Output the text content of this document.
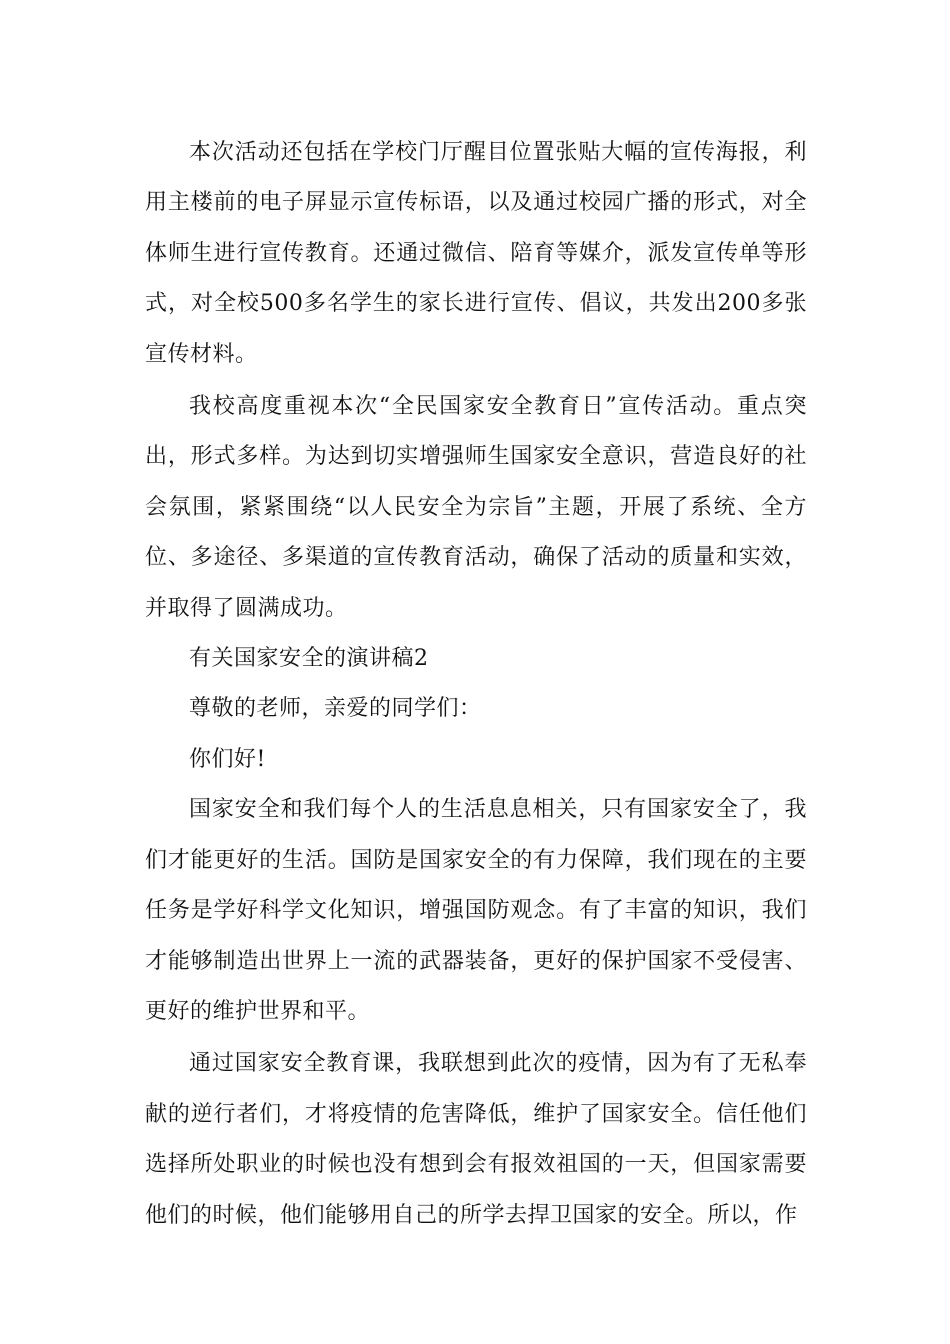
本次活动还包括在学校门厅醒目位置张贴大幅的宣传海报，利用主楼前的电子屏显示宣传标语，以及通过校园广播的形式，对全体师生进行宣传教育。还通过微信、陪育等媒介，派发宣传单等形式，对全校500多名学生的家长进行宣传、倡议，共发出200多张宣传材料。

我校高度重视本次“全民国家安全教育日”宣传活动。重点突出，形式多样。为达到切实增强师生国家安全意识，营造良好的社会氛围，紧紧围绕“以人民安全为宗旨”主题，开展了系统、全方位、多途径、多渠道的宣传教育活动，确保了活动的质量和实效，并取得了圆满成功。

有关国家安全的演讲稿2

尊敬的老师，亲爱的同学们：

你们好!

国家安全和我们每个人的生活息息相关，只有国家安全了，我们才能更好的生活。国防是国家安全的有力保障，我们现在的主要任务是学好科学文化知识，增强国防观念。有了丰富的知识，我们才能够制造出世界上一流的武器装备，更好的保护国家不受侵害、更好的维护世界和平。

通过国家安全教育课，我联想到此次的疫情，因为有了无私奉献的逆行者们，才将疫情的危害降低，维护了国家安全。信任他们选择所处职业的时候也没有想到会有报效祖国的一天，但国家需要他们的时候，他们能够用自己的所学去捍卫国家的安全。所以，作
